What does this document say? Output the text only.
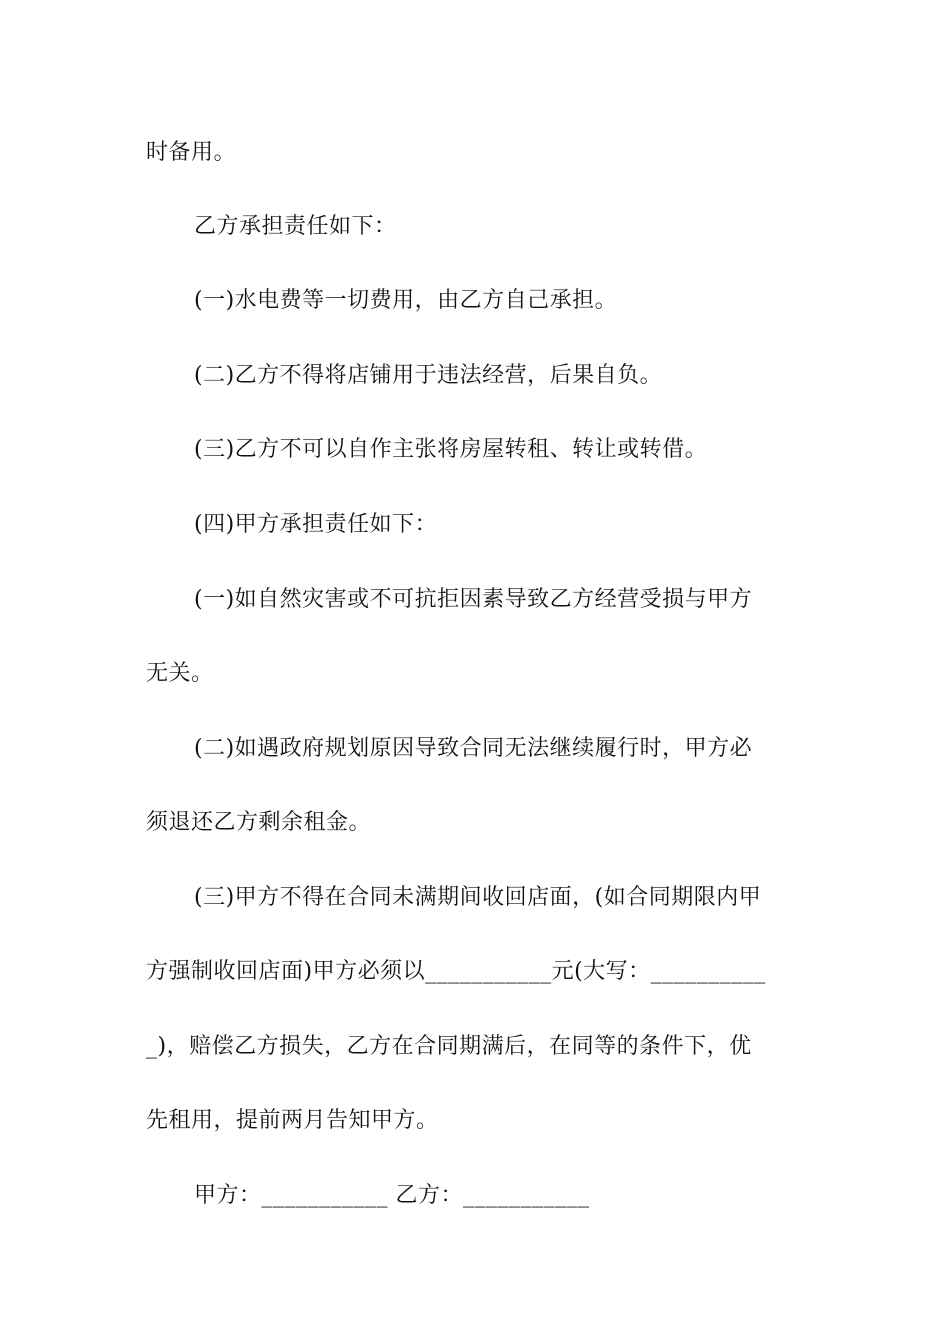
时备用。
乙方承担责任如下：
(一)水电费等一切费用，由乙方自己承担。
(二)乙方不得将店铺用于违法经营，后果自负。
(三)乙方不可以自作主张将房屋转租、转让或转借。
(四)甲方承担责任如下：
(一)如自然灾害或不可抗拒因素导致乙方经营受损与甲方
无关。
(二)如遇政府规划原因导致合同无法继续履行时，甲方必
须退还乙方剩余租金。
(三)甲方不得在合同未满期间收回店面，(如合同期限内甲
方强制收回店面)甲方必须以___________元(大写：__________
_)，赔偿乙方损失，乙方在合同期满后，在同等的条件下，优
先租用，提前两月告知甲方。
甲方：___________ 乙方：___________
